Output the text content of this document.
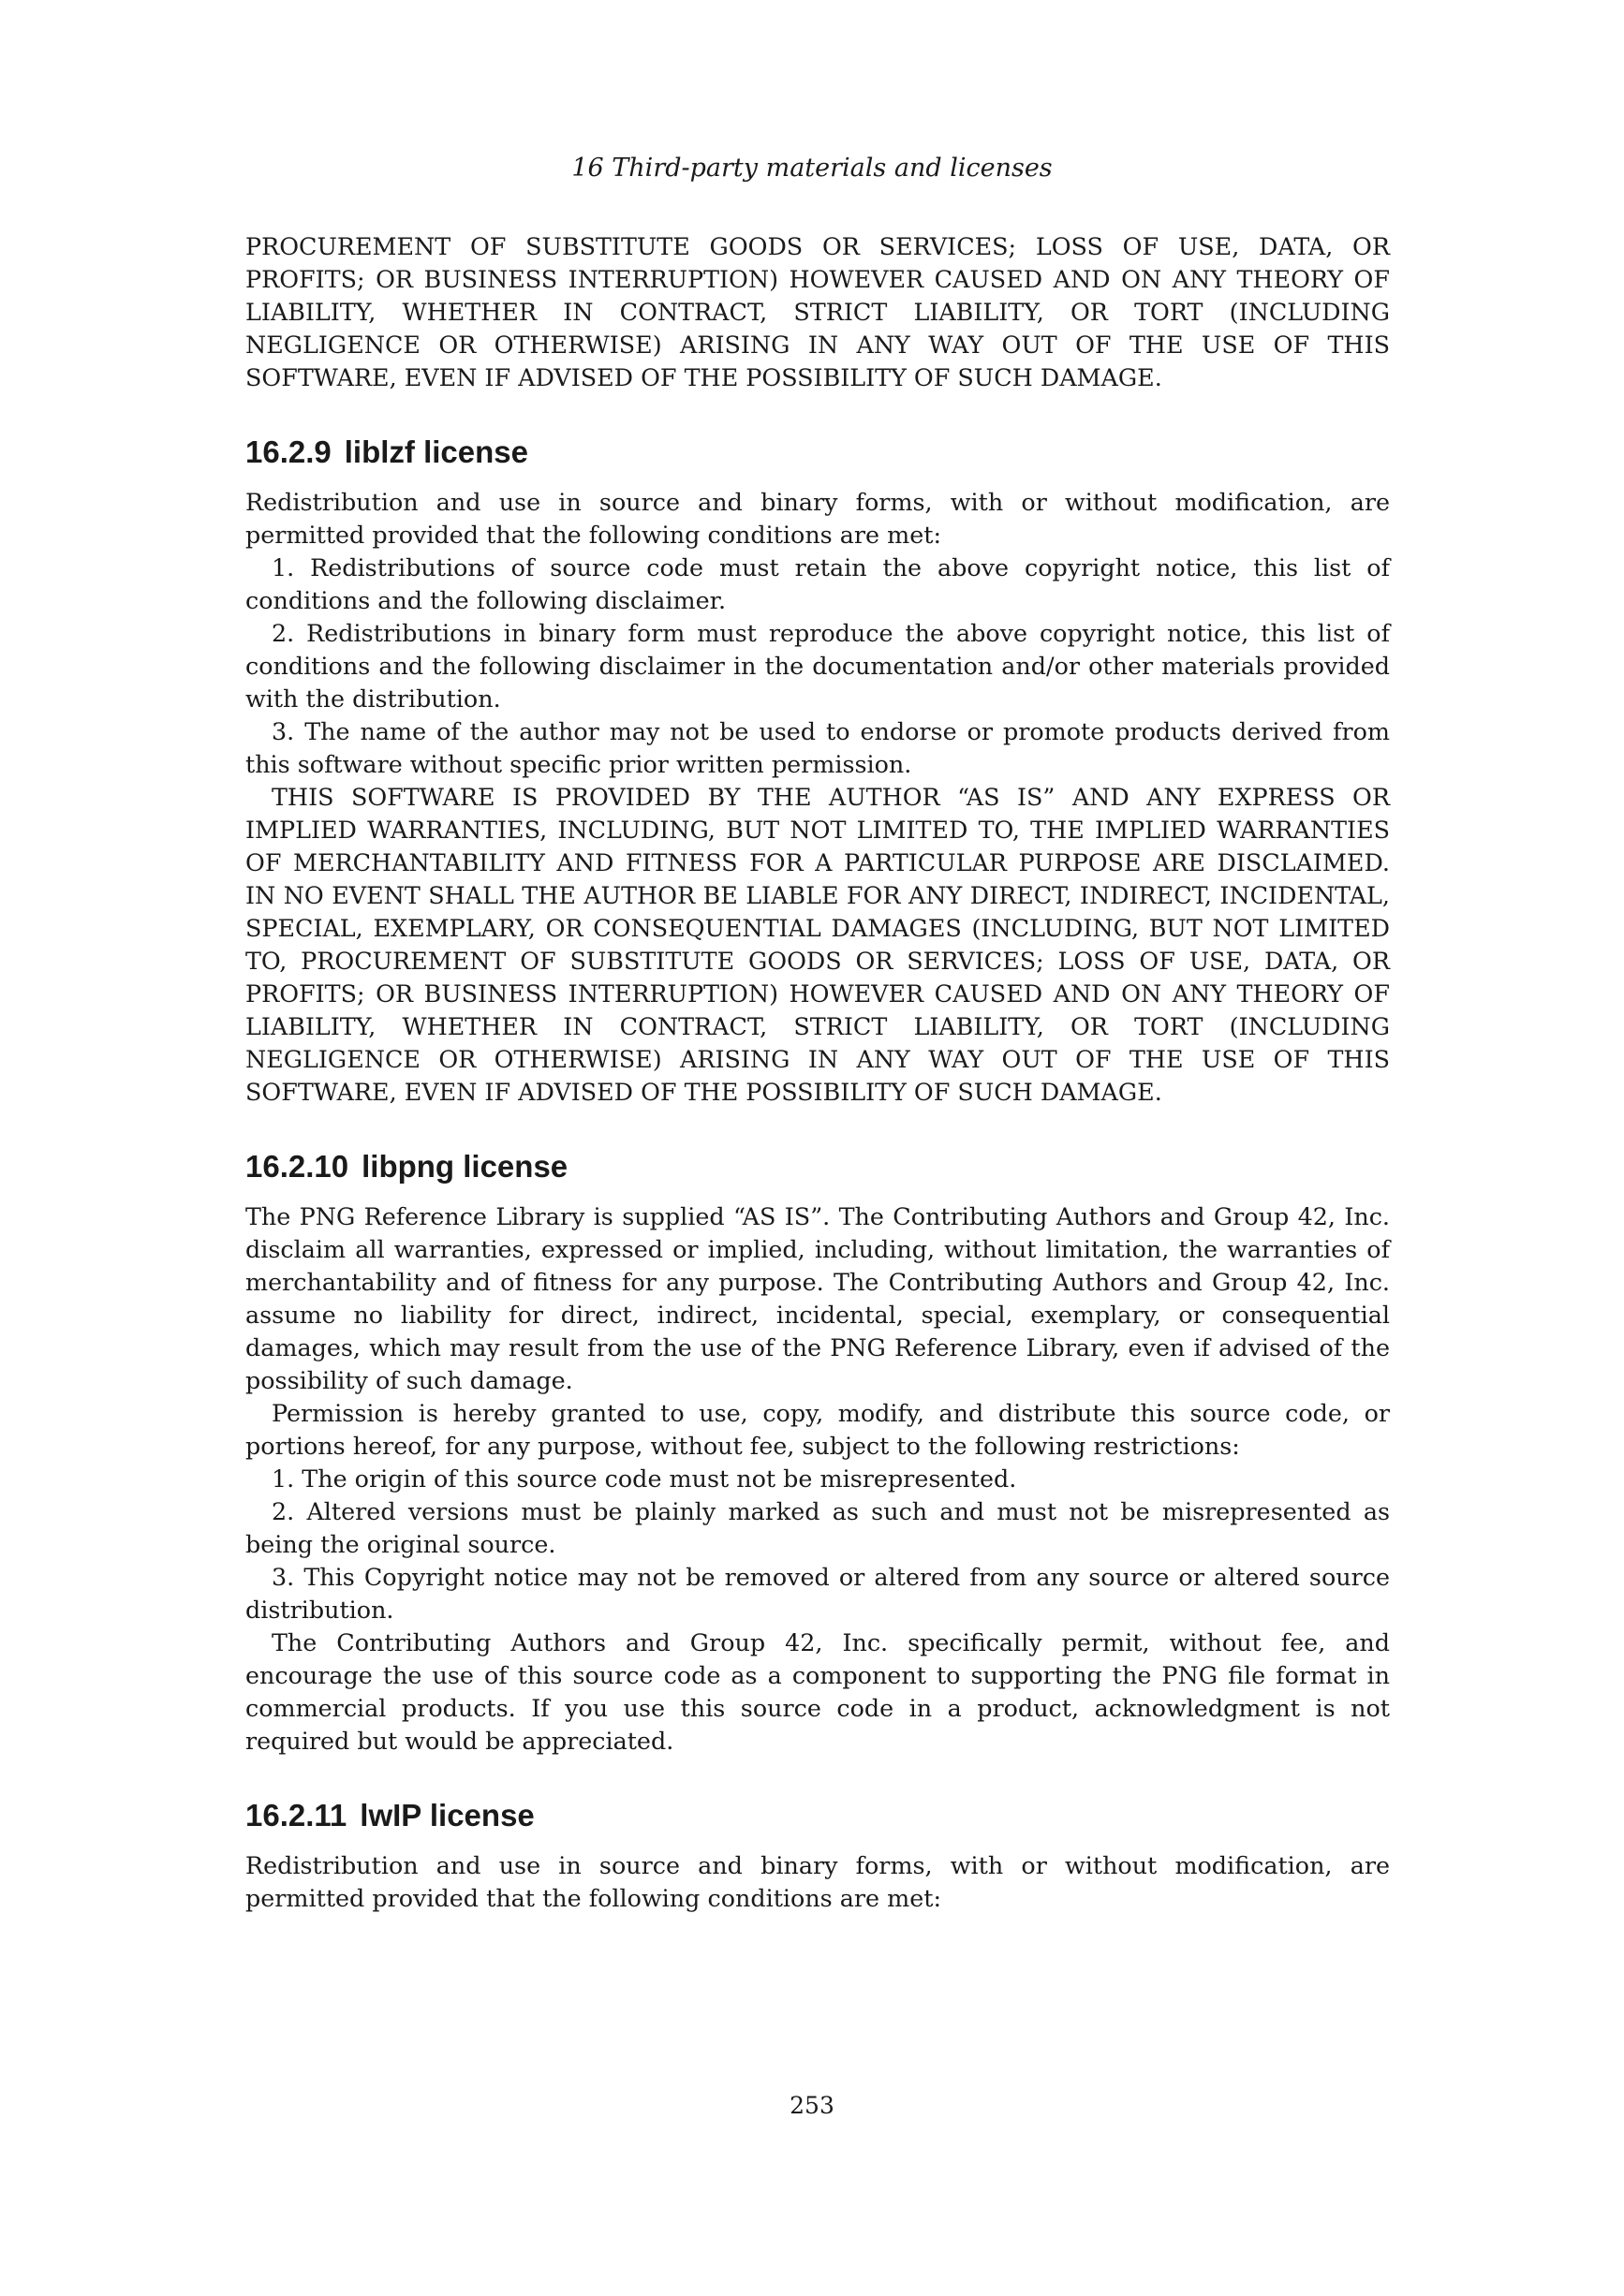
16 Third-party materials and licenses

PROCUREMENT OF SUBSTITUTE GOODS OR SERVICES; LOSS OF USE, DATA, OR PROFITS; OR BUSINESS INTERRUPTION) HOWEVER CAUSED AND ON ANY THEORY OF LIABILITY, WHETHER IN CONTRACT, STRICT LIABILITY, OR TORT (INCLUDING NEGLIGENCE OR OTHERWISE) ARISING IN ANY WAY OUT OF THE USE OF THIS SOFTWARE, EVEN IF ADVISED OF THE POSSIBILITY OF SUCH DAMAGE.

16.2.9 liblzf license

Redistribution and use in source and binary forms, with or without modification, are permitted provided that the following conditions are met:

1. Redistributions of source code must retain the above copyright notice, this list of conditions and the following disclaimer.

2. Redistributions in binary form must reproduce the above copyright notice, this list of conditions and the following disclaimer in the documentation and/or other materials provided with the distribution.

3. The name of the author may not be used to endorse or promote products derived from this software without specific prior written permission.

THIS SOFTWARE IS PROVIDED BY THE AUTHOR “AS IS” AND ANY EXPRESS OR IMPLIED WARRANTIES, INCLUDING, BUT NOT LIMITED TO, THE IMPLIED WARRANTIES OF MERCHANTABILITY AND FITNESS FOR A PARTICULAR PURPOSE ARE DISCLAIMED. IN NO EVENT SHALL THE AUTHOR BE LIABLE FOR ANY DIRECT, INDIRECT, INCIDENTAL, SPECIAL, EXEMPLARY, OR CONSEQUENTIAL DAMAGES (INCLUDING, BUT NOT LIMITED TO, PROCUREMENT OF SUBSTITUTE GOODS OR SERVICES; LOSS OF USE, DATA, OR PROFITS; OR BUSINESS INTERRUPTION) HOWEVER CAUSED AND ON ANY THEORY OF LIABILITY, WHETHER IN CONTRACT, STRICT LIABILITY, OR TORT (INCLUDING NEGLIGENCE OR OTHERWISE) ARISING IN ANY WAY OUT OF THE USE OF THIS SOFTWARE, EVEN IF ADVISED OF THE POSSIBILITY OF SUCH DAMAGE.

16.2.10 libpng license

The PNG Reference Library is supplied “AS IS”. The Contributing Authors and Group 42, Inc. disclaim all warranties, expressed or implied, including, without limitation, the warranties of merchantability and of fitness for any purpose. The Contributing Authors and Group 42, Inc. assume no liability for direct, indirect, incidental, special, exemplary, or consequential damages, which may result from the use of the PNG Reference Library, even if advised of the possibility of such damage.

Permission is hereby granted to use, copy, modify, and distribute this source code, or portions hereof, for any purpose, without fee, subject to the following restrictions:

1. The origin of this source code must not be misrepresented.

2. Altered versions must be plainly marked as such and must not be misrepresented as being the original source.

3. This Copyright notice may not be removed or altered from any source or altered source distribution.

The Contributing Authors and Group 42, Inc. specifically permit, without fee, and encourage the use of this source code as a component to supporting the PNG file format in commercial products. If you use this source code in a product, acknowledgment is not required but would be appreciated.

16.2.11 lwIP license

Redistribution and use in source and binary forms, with or without modification, are permitted provided that the following conditions are met:

253
